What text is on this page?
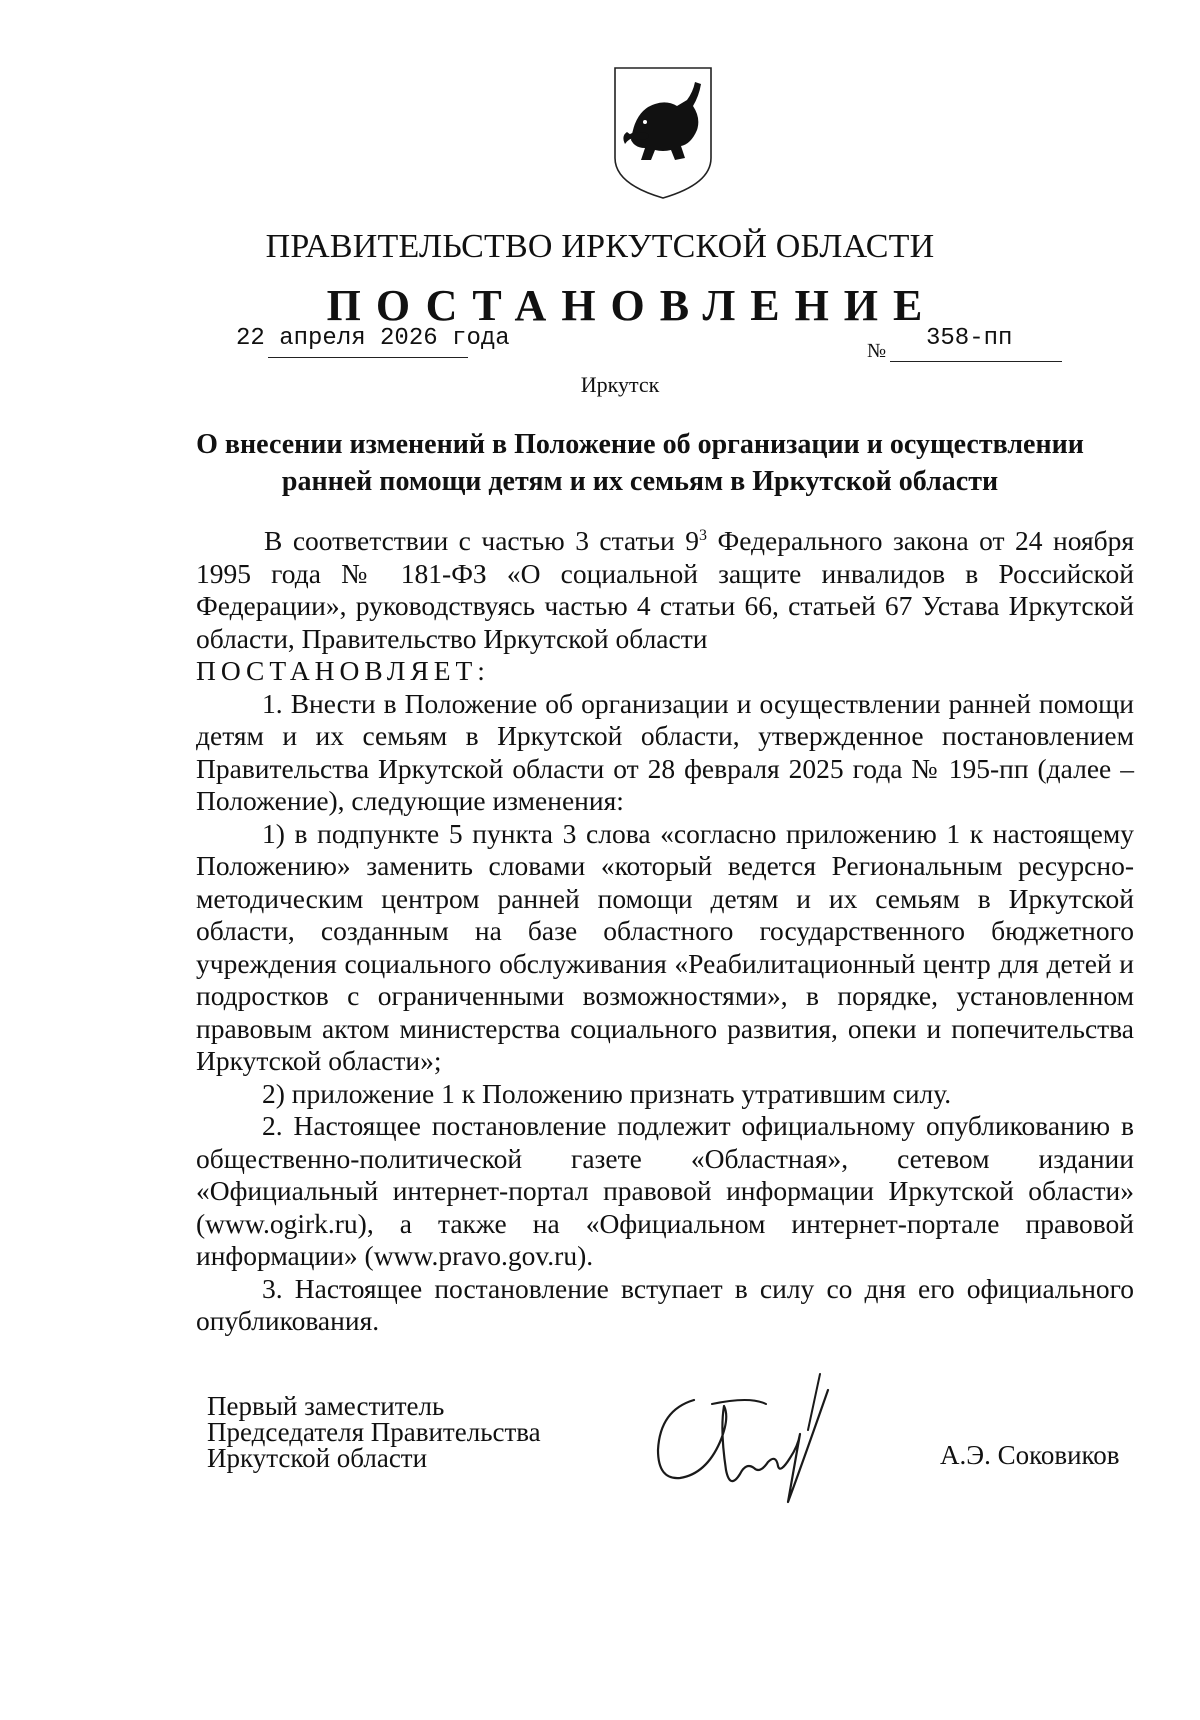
ПРАВИТЕЛЬСТВО ИРКУТСКОЙ ОБЛАСТИ
ПОСТАНОВЛЕНИЕ
22 апреля 2026 года	№ 358-пп
Иркутск
О внесении изменений в Положение об организации и осуществлении
ранней помощи детям и их семьям в Иркутской области

В соответствии с частью 3 статьи $9^3$ Федерального закона от 24 ноября 1995 года № 181-ФЗ «О социальной защите инвалидов в Российской Федерации», руководствуясь частью 4 статьи 66, статьей 67 Устава Иркутской области, Правительство Иркутской области

ПОСТАНОВЛЯЕТ:

1. Внести в Положение об организации и осуществлении ранней помощи детям и их семьям в Иркутской области, утвержденное постановлением Правительства Иркутской области от 28 февраля 2025 года № 195-пп (далее – Положение), следующие изменения:

1) в подпункте 5 пункта 3 слова «согласно приложению 1 к настоящему Положению» заменить словами «который ведется Региональным ресурсно-методическим центром ранней помощи детям и их семьям в Иркутской области, созданным на базе областного государственного бюджетного учреждения социального обслуживания «Реабилитационный центр для детей и подростков с ограниченными возможностями», в порядке, установленном правовым актом министерства социального развития, опеки и попечительства Иркутской области»;

2) приложение 1 к Положению признать утратившим силу.

2. Настоящее постановление подлежит официальному опубликованию в общественно-политической газете «Областная», сетевом издании «Официальный интернет-портал правовой информации Иркутской области» (www.ogirk.ru), а также на «Официальном интернет-портале правовой информации» (www.pravo.gov.ru).

3. Настоящее постановление вступает в силу со дня его официального опубликования.

Первый заместитель
Председателя Правительства
Иркутской области	А.Э. Соковиков
